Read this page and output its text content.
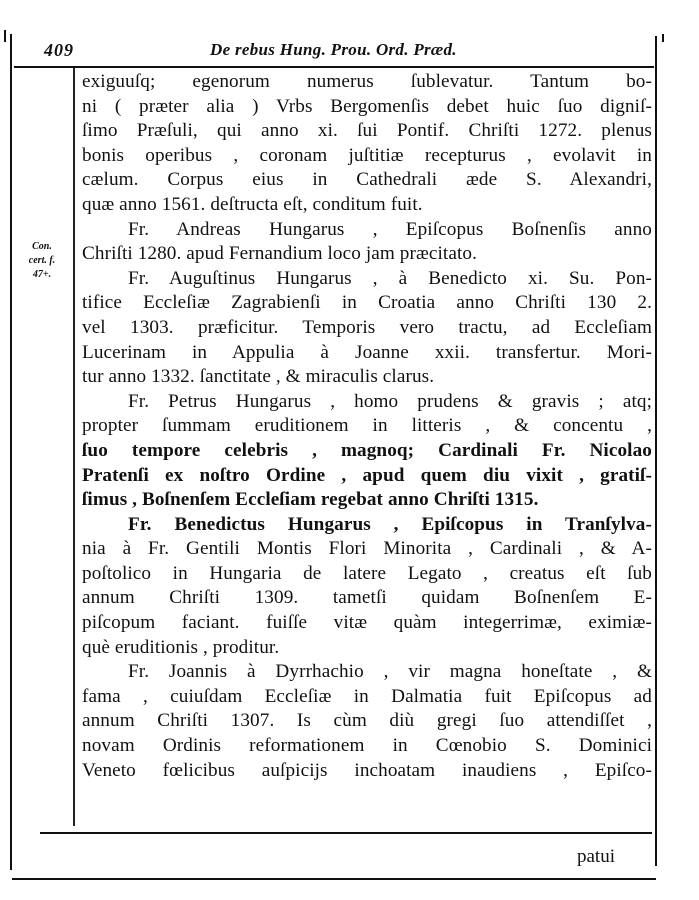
409	De rebus Hung. Prou. Ord. Præd.
Con.
cert. f.
47+.
exiguuſq; egenorum numerus ſublevatur. Tantum bo-
ni ( præter alia ) Vrbs Bergomenſis debet huic ſuo digniſ-
ſimo Præſuli, qui anno xi. ſui Pontif. Chriſti 1272. plenus
bonis operibus , coronam juſtitiæ recepturus , evolavit in
cælum. Corpus eius in Cathedrali æde S. Alexandri,
quæ anno 1561. deſtructa eſt, conditum fuit.
Fr. Andreas Hungarus , Epiſcopus Boſnenſis anno
Chriſti 1280. apud Fernandium loco jam præcitato.
Fr. Auguſtinus Hungarus , à Benedicto xi. Su. Pon-
tifice Eccleſiæ Zagrabienſi in Croatia anno Chriſti 130 2.
vel 1303. præficitur. Temporis vero tractu, ad Eccleſiam
Lucerinam in Appulia à Joanne xxii. transfertur. Mori-
tur anno 1332. ſanctitate , & miraculis clarus.
Fr. Petrus Hungarus , homo prudens & gravis ; atq;
propter ſummam eruditionem in litteris , & concentu ,
ſuo tempore celebris , magnoq; Cardinali Fr. Nicolao
Pratenſi ex noſtro Ordine , apud quem diu vixit , gratiſ-
ſimus , Boſnenſem Eccleſiam regebat anno Chriſti 1315.
Fr. Benedictus Hungarus , Epiſcopus in Tranſylva-
nia à Fr. Gentili Montis Flori Minorita , Cardinali , & A-
poſtolico in Hungaria de latere Legato , creatus eſt ſub
annum Chriſti 1309. tametſi quidam Boſnenſem E-
piſcopum faciant. fuiſſe vitæ quàm integerrimæ, eximiæ-
què eruditionis , proditur.
Fr. Joannis à Dyrrhachio , vir magna honeſtate , &
fama , cuiuſdam Eccleſiæ in Dalmatia fuit Epiſcopus ad
annum Chriſti 1307. Is cùm diù gregi ſuo attendiſſet ,
novam Ordinis reformationem in Cœnobio S. Dominici
Veneto fœlicibus auſpicijs inchoatam inaudiens , Epiſco-
patui
